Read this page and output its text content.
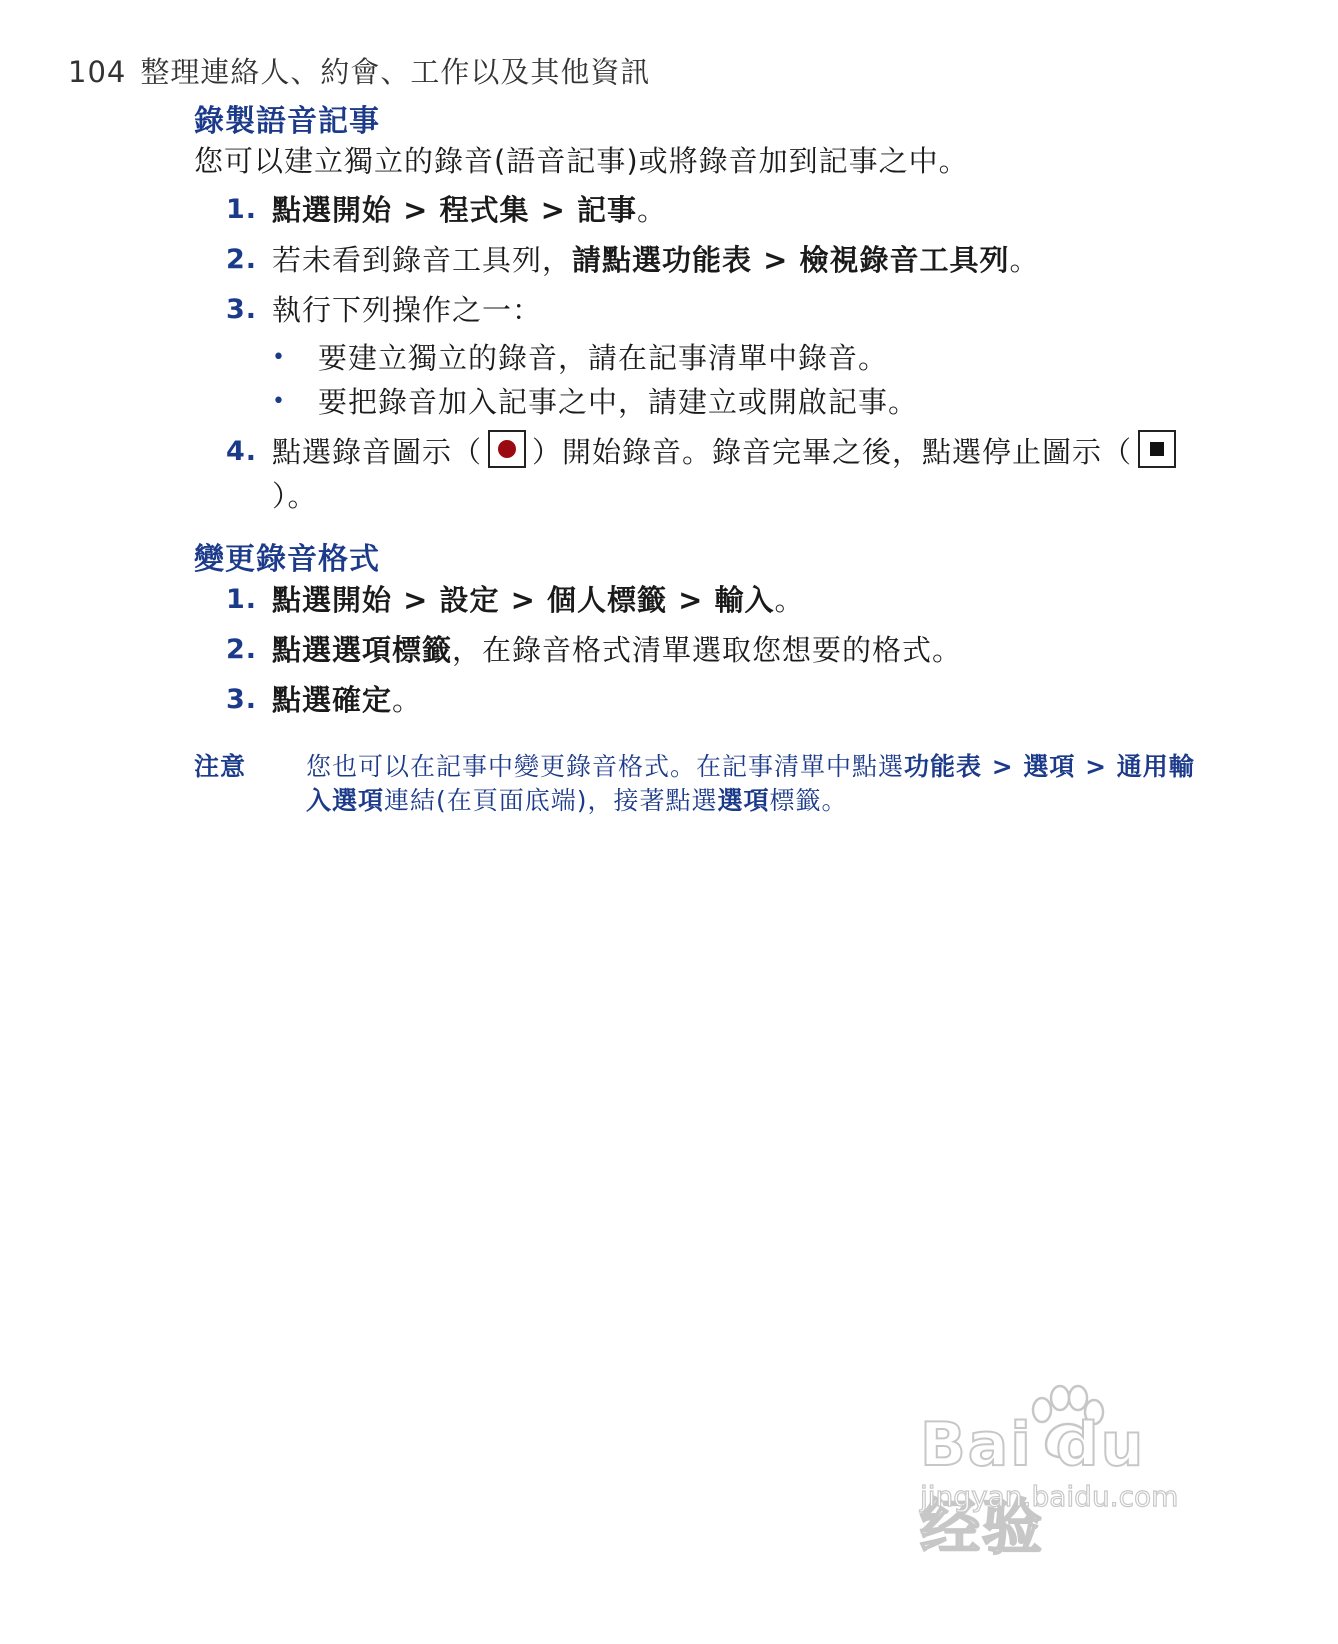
104 整理連絡人、約會、工作以及其他資訊
錄製語音記事
您可以建立獨立的錄音(語音記事)或將錄音加到記事之中。
1. 點選開始 > 程式集 > 記事。
2. 若未看到錄音工具列，請點選功能表 > 檢視錄音工具列。
3. 執行下列操作之一：
• 要建立獨立的錄音，請在記事清單中錄音。
• 要把錄音加入記事之中，請建立或開啟記事。
4. 點選錄音圖示（ ）開始錄音。錄音完畢之後，點選停止圖示（）。
變更錄音格式
1. 點選開始 > 設定 > 個人標籤 > 輸入。
2. 點選選項標籤，在錄音格式清單選取您想要的格式。
3. 點選確定。
注意	您也可以在記事中變更錄音格式。在記事清單中點選功能表 > 選項 > 通用輸入選項連結(在頁面底端)，接著點選選項標籤。
Bai du 经验
jingyan.baidu.com
